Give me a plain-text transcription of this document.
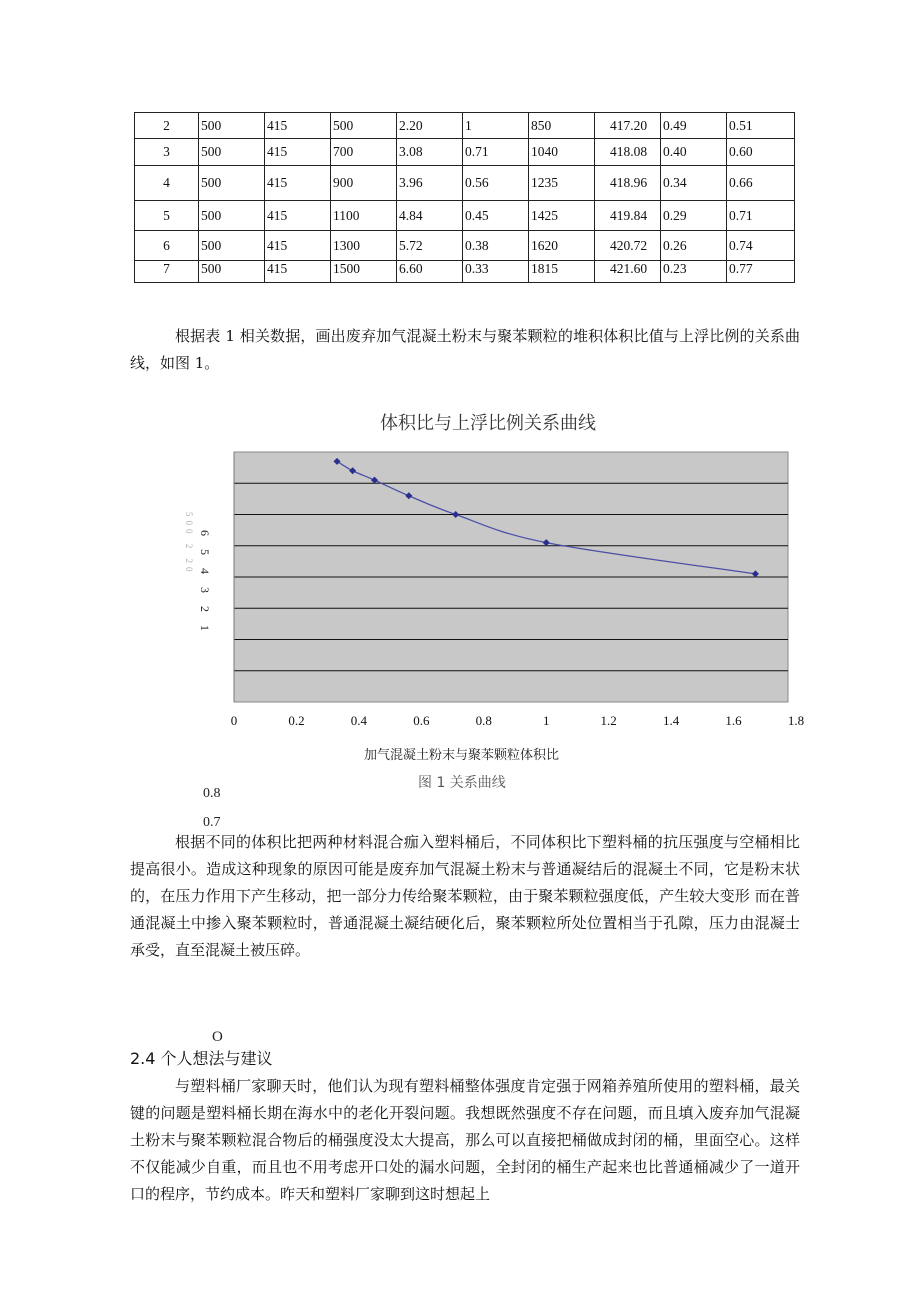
2	500	415	500	2.20	1	850	417.20	0.49	0.51
3	500	415	700	3.08	0.71	1040	418.08	0.40	0.60
4	500	415	900	3.96	0.56	1235	418.96	0.34	0.66
5	500	415	1100	4.84	0.45	1425	419.84	0.29	0.71
6	500	415	1300	5.72	0.38	1620	420.72	0.26	0.74
7	500	415	1500	6.60	0.33	1815	421.60	0.23	0.77

根据表 1 相关数据，画出废弃加气混凝土粉末与聚苯颗粒的堆积体积比值与上浮比例的关系曲线，如图 1。

体积比与上浮比例关系曲线
500 2 20 6 5 4 3 2 1
0	0.2	0.4	0.6	0.8	1	1.2	1.4	1.6	1.8
加气混凝土粉末与聚苯颗粒体积比
图 1 关系曲线
0.8
0.7

根据不同的体积比把两种材料混合痂入塑料桶后，不同体积比下塑料桶的抗压强度与空桶相比提高很小。造成这种现象的原因可能是废弃加气混凝土粉末与普通凝结后的混凝土不同，它是粉末状的，在压力作用下产生移动，把一部分力传给聚苯颗粒，由于聚苯颗粒强度低，产生较大变形 而在普通混凝土中掺入聚苯颗粒时，普通混凝土凝结硬化后，聚苯颗粒所处位置相当于孔隙，压力由混凝士承受，直至混凝土被压碎。

O
2.4 个人想法与建议

与塑料桶厂家聊天时，他们认为现有塑料桶整体强度肯定强于网箱养殖所使用的塑料桶，最关键的问题是塑料桶长期在海水中的老化开裂问题。我想既然强度不存在问题，而且填入废弃加气混凝土粉末与聚苯颗粒混合物后的桶强度没太大提高，那么可以直接把桶做成封闭的桶，里面空心。这样不仅能减少自重，而且也不用考虑开口处的漏水问题，全封闭的桶生产起来也比普通桶减少了一道开口的程序，节约成本。昨天和塑料厂家聊到这时想起上
